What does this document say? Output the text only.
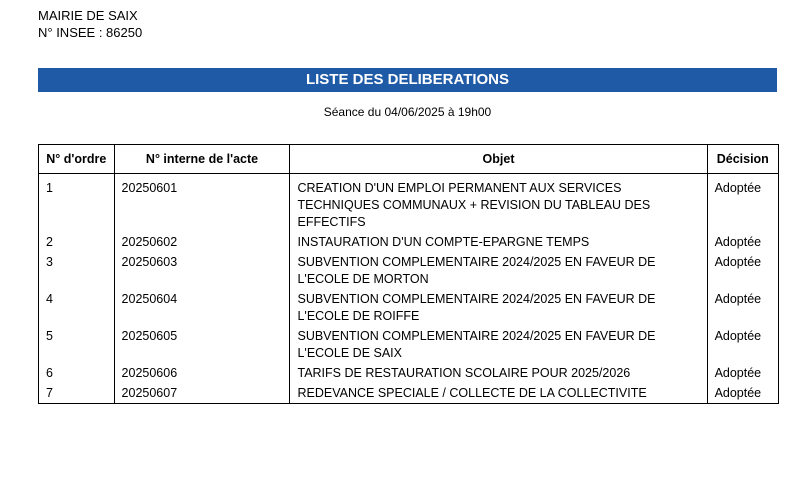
MAIRIE DE SAIX
N° INSEE : 86250
LISTE DES DELIBERATIONS
Séance du 04/06/2025 à 19h00
N° d'ordre	N° interne de l'acte	Objet	Décision
1	20250601	CREATION D'UN EMPLOI PERMANENT AUX SERVICES TECHNIQUES COMMUNAUX + REVISION DU TABLEAU DES EFFECTIFS	Adoptée
2	20250602	INSTAURATION D'UN COMPTE-EPARGNE TEMPS	Adoptée
3	20250603	SUBVENTION COMPLEMENTAIRE 2024/2025 EN FAVEUR DE L'ECOLE DE MORTON	Adoptée
4	20250604	SUBVENTION COMPLEMENTAIRE 2024/2025 EN FAVEUR DE L'ECOLE DE ROIFFE	Adoptée
5	20250605	SUBVENTION COMPLEMENTAIRE 2024/2025 EN FAVEUR DE L'ECOLE DE SAIX	Adoptée
6	20250606	TARIFS DE RESTAURATION SCOLAIRE POUR 2025/2026	Adoptée
7	20250607	REDEVANCE SPECIALE / COLLECTE DE LA COLLECTIVITE	Adoptée
